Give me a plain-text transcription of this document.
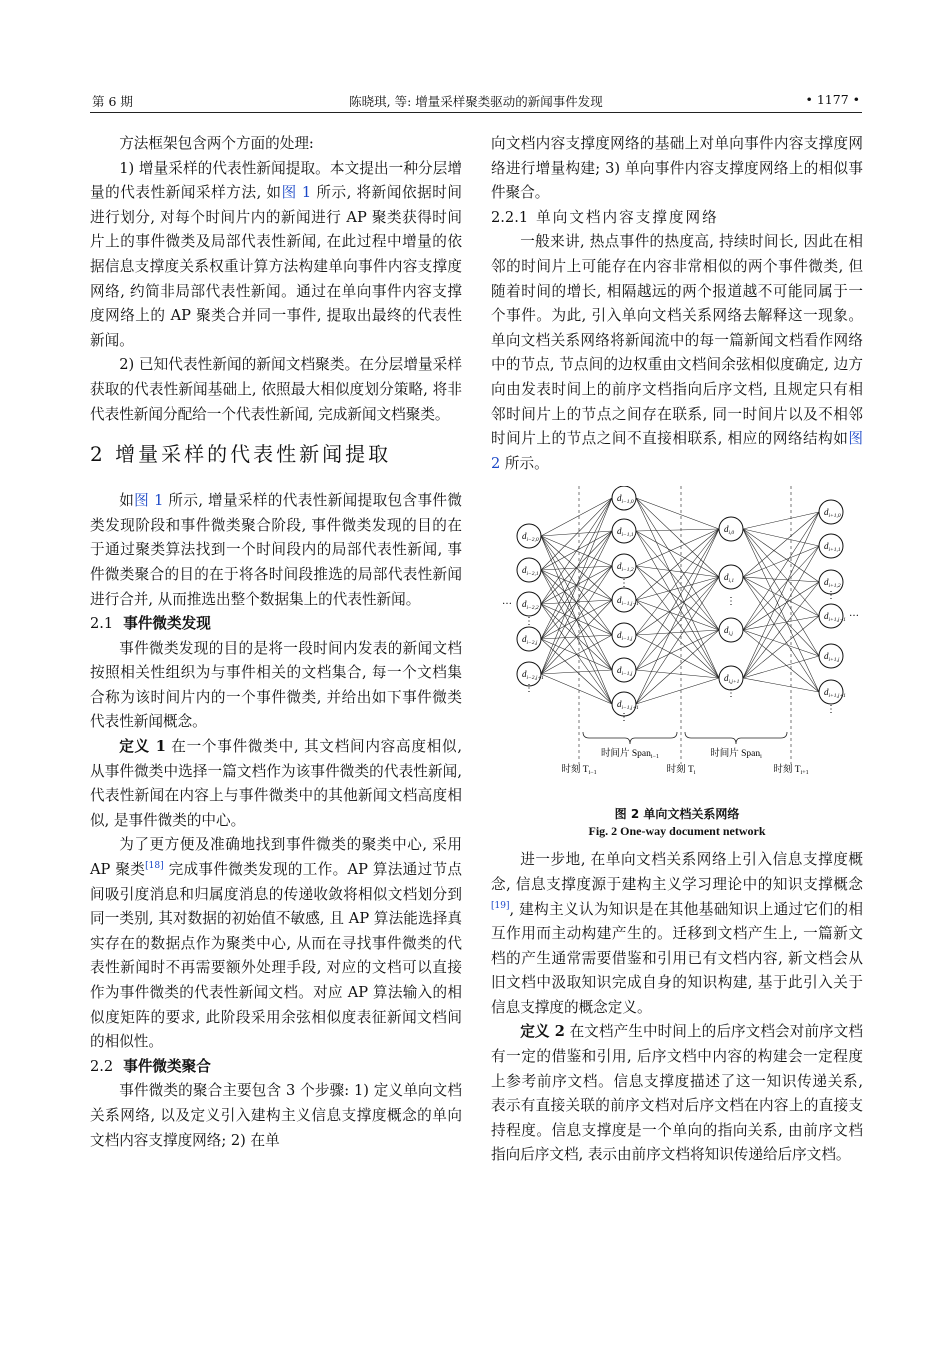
第 6 期	陈晓琪, 等: 增量采样聚类驱动的新闻事件发现	• 1177 •

方法框架包含两个方面的处理:

1) 增量采样的代表性新闻提取。本文提出一种分层增量的代表性新闻采样方法, 如图 1 所示, 将新闻依据时间进行划分, 对每个时间片内的新闻进行 AP 聚类获得时间片上的事件微类及局部代表性新闻, 在此过程中增量的依据信息支撑度关系权重计算方法构建单向事件内容支撑度网络, 约简非局部代表性新闻。通过在单向事件内容支撑度网络上的 AP 聚类合并同一事件, 提取出最终的代表性新闻。

2) 已知代表性新闻的新闻文档聚类。在分层增量采样获取的代表性新闻基础上, 依照最大相似度划分策略, 将非代表性新闻分配给一个代表性新闻, 完成新闻文档聚类。

2 增量采样的代表性新闻提取

如图 1 所示, 增量采样的代表性新闻提取包含事件微类发现阶段和事件微类聚合阶段, 事件微类发现的目的在于通过聚类算法找到一个时间段内的局部代表性新闻, 事件微类聚合的目的在于将各时间段推选的局部代表性新闻进行合并, 从而推选出整个数据集上的代表性新闻。

2.1 事件微类发现

事件微类发现的目的是将一段时间内发表的新闻文档按照相关性组织为与事件相关的文档集合, 每一个文档集合称为该时间片内的一个事件微类, 并给出如下事件微类代表性新闻概念。

定义 1 在一个事件微类中, 其文档间内容高度相似, 从事件微类中选择一篇文档作为该事件微类的代表性新闻, 代表性新闻在内容上与事件微类中的其他新闻文档高度相似, 是事件微类的中心。

为了更方便及准确地找到事件微类的聚类中心, 采用 AP 聚类[18] 完成事件微类发现的工作。AP 算法通过节点间吸引度消息和归属度消息的传递收敛将相似文档划分到同一类别, 其对数据的初始值不敏感, 且 AP 算法能选择真实存在的数据点作为聚类中心, 从而在寻找事件微类的代表性新闻时不再需要额外处理手段, 对应的文档可以直接作为事件微类的代表性新闻文档。对应 AP 算法输入的相似度矩阵的要求, 此阶段采用余弦相似度表征新闻文档间的相似性。

2.2 事件微类聚合

事件微类的聚合主要包含 3 个步骤: 1) 定义单向文档关系网络, 以及定义引入建构主义信息支撑度概念的单向文档内容支撑度网络; 2) 在单

向文档内容支撑度网络的基础上对单向事件内容支撑度网络进行增量构建; 3) 单向事件内容支撑度网络上的相似事件聚合。

2.2.1 单向文档内容支撑度网络

一般来讲, 热点事件的热度高, 持续时间长, 因此在相邻的时间片上可能存在内容非常相似的两个事件微类, 但随着时间的增长, 相隔越远的两个报道越不可能同属于一个事件。为此, 引入单向文档关系网络去解释这一现象。单向文档关系网络将新闻流中的每一篇新闻文档看作网络中的节点, 节点间的边权重由文档间余弦相似度确定, 边方向由发表时间上的前序文档指向后序文档, 且规定只有相邻时间片上的节点之间存在联系, 同一时间片以及不相邻时间片上的节点之间不直接相联系, 相应的网络结构如图 2 所示。

$d_{i-2,0}$
$d_{i-2,1}$
$d_{i-2,2}$
$d_{i-2,j}$
$d_{i-2,j+1}$
$d_{i-1,0}$
$d_{i-1,1}$
$d_{i-1,2}$
$d_{i-1,j-1}$
$d_{i-1,j}$
$d_{i-1,j}$
$d_{i-1,j+1}$
$d_{i,0}$
$d_{i,1}$
$d_{i,j}$
$d_{i,j+1}$
$d_{i+1,0}$
$d_{i+1,1}$
$d_{i+1,2}$
$d_{i+1,j-1}$
$d_{i+1,j}$
$d_{i+1,j+1}$
…
…
⋮
⋮
⋮
⋮
⋮
⋮
⋮
⋮
时间片 Span$_{i-1}$	时间片 Span$_i$
时刻 $T_{i-1}$	时刻 $T_i$	时刻 $T_{i+1}$

图 2 单向文档关系网络
Fig. 2 One-way document network

进一步地, 在单向文档关系网络上引入信息支撑度概念, 信息支撑度源于建构主义学习理论中的知识支撑概念[19], 建构主义认为知识是在其他基础知识上通过它们的相互作用而主动构建产生的。迁移到文档产生上, 一篇新文档的产生通常需要借鉴和引用已有文档内容, 新文档会从旧文档中汲取知识完成自身的知识构建, 基于此引入关于信息支撑度的概念定义。

定义 2 在文档产生中时间上的后序文档会对前序文档有一定的借鉴和引用, 后序文档中内容的构建会一定程度上参考前序文档。信息支撑度描述了这一知识传递关系, 表示有直接关联的前序文档对后序文档在内容上的直接支持程度。信息支撑度是一个单向的指向关系, 由前序文档指向后序文档, 表示由前序文档将知识传递给后序文档。
